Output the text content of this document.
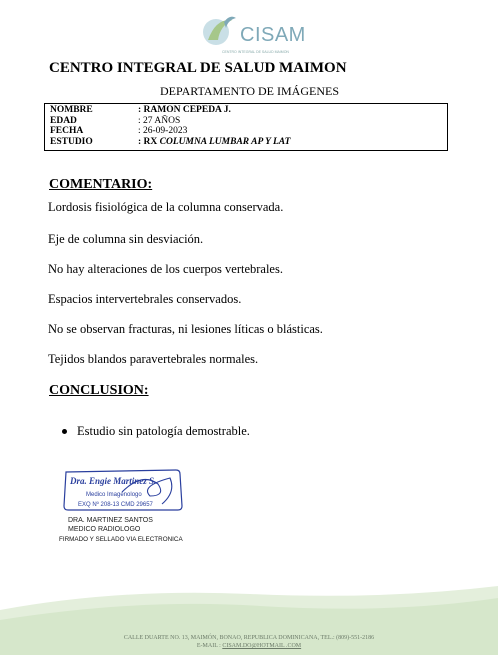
CISAM
CENTRO INTEGRAL DE SALUD MAIMON
CENTRO INTEGRAL DE SALUD MAIMON
DEPARTAMENTO DE IMÁGENES
NOMBRE	: RAMON CEPEDA J.
EDAD	: 27 AÑOS
FECHA	: 26-09-2023
ESTUDIO	: RX COLUMNA LUMBAR AP Y LAT
COMENTARIO:
Lordosis fisiológica de la columna conservada.
Eje de columna sin desviación.
No hay alteraciones de los cuerpos vertebrales.
Espacios intervertebrales conservados.
No se observan fracturas, ni lesiones líticas o blásticas.
Tejidos blandos paravertebrales normales.
CONCLUSION:
Estudio sin patología demostrable.
Dra. Engie Martinez S.
Medico Imagenologo
EXQ Nº 208-13 CMD 29657
DRA. MARTINEZ SANTOS
MEDICO RADIOLOGO
FIRMADO Y SELLADO VIA ELECTRONICA
CALLE DUARTE NO. 13, MAIMÓN, BONAO, REPUBLICA DOMINICANA, TEL.: (809)-551-2186
E-MAIL : CISAM.DO@HOTMAIL .COM
